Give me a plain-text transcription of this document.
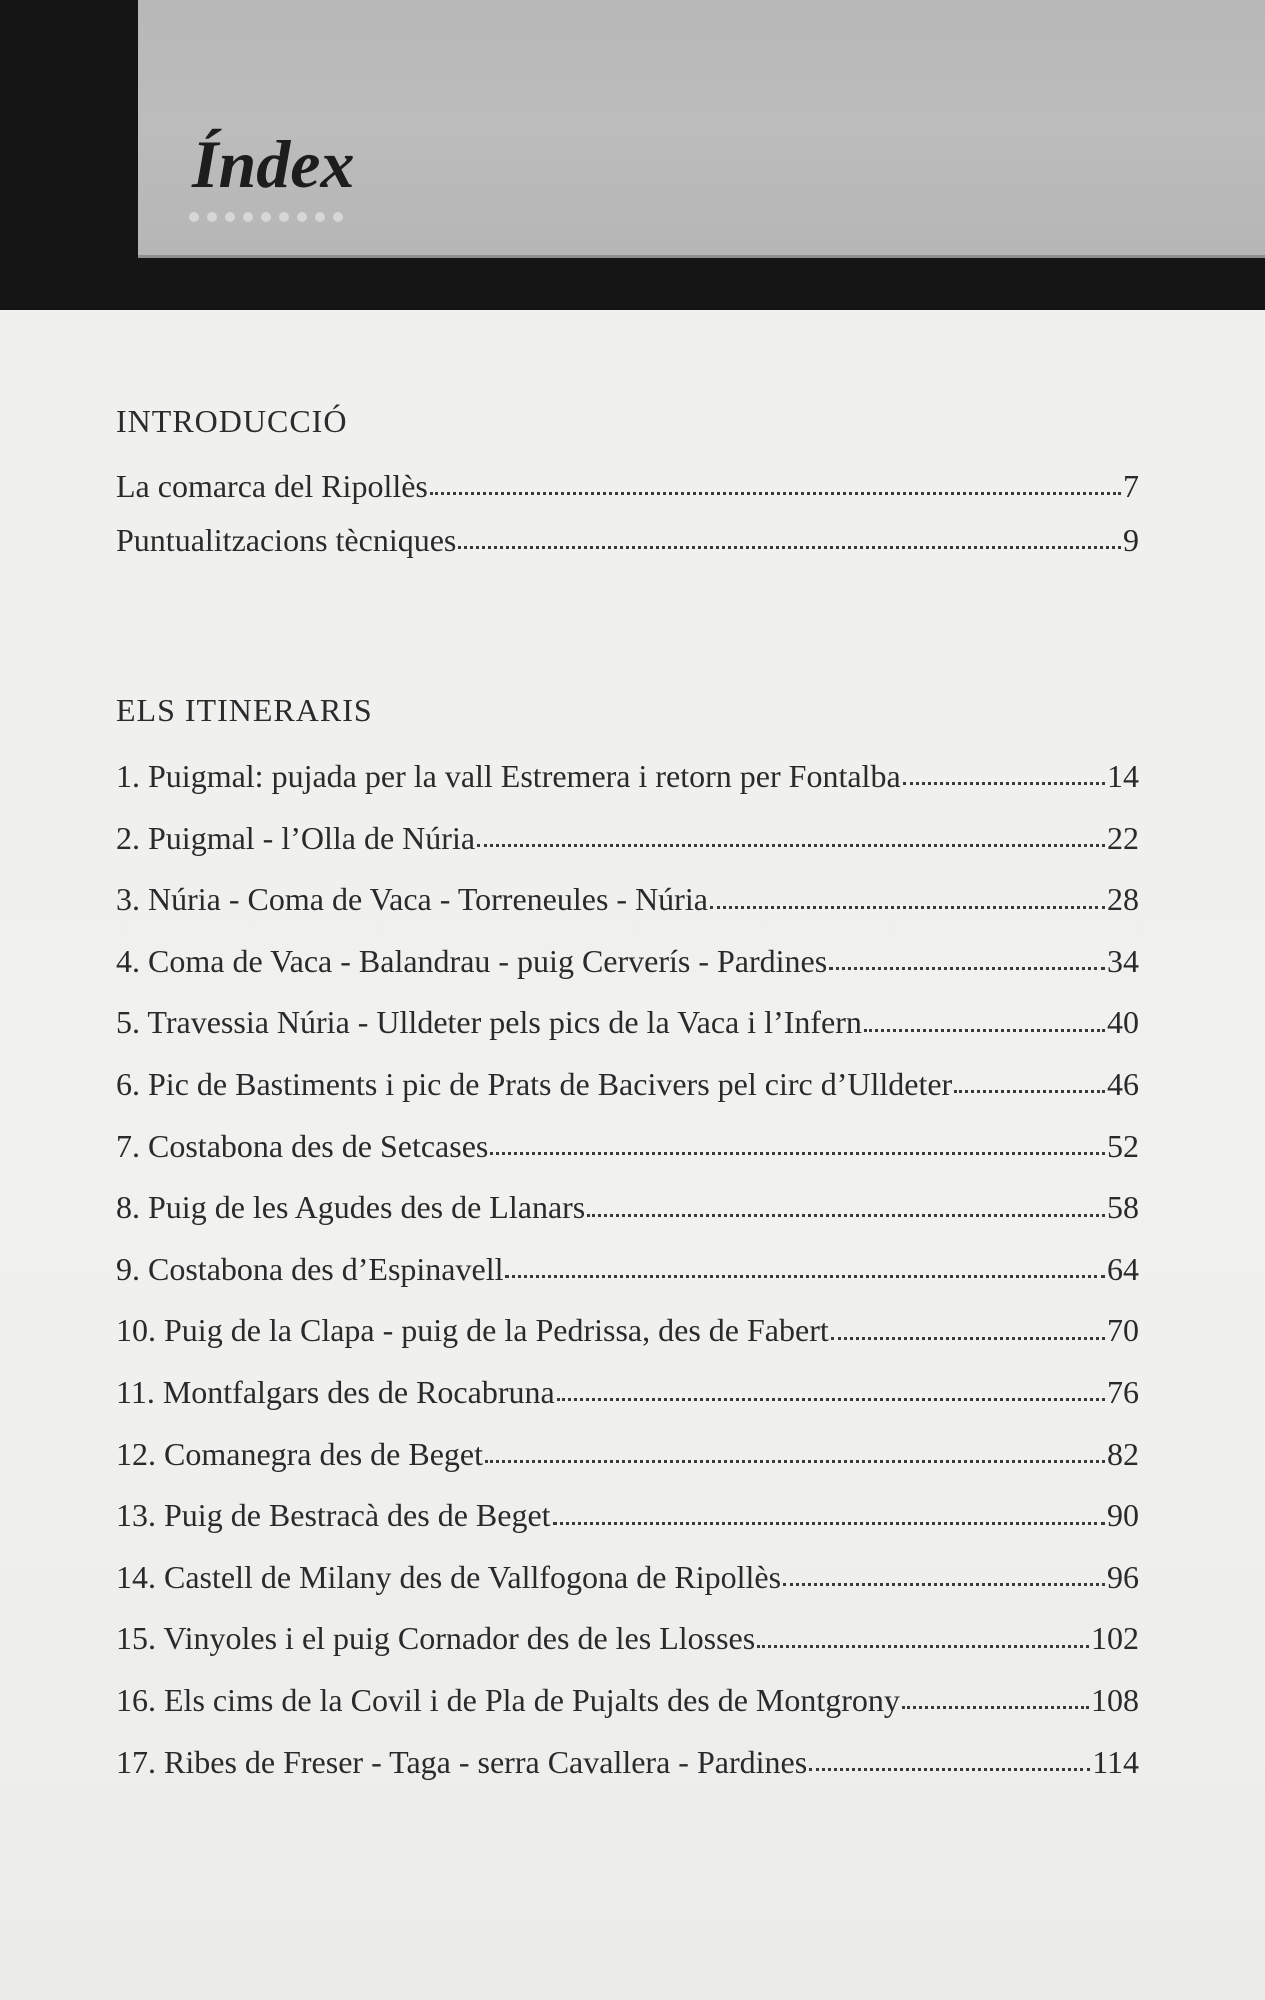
Índex
INTRODUCCIÓ
La comarca del Ripollès	7
Puntualitzacions tècniques	9
ELS ITINERARIS
1. Puigmal: pujada per la vall Estremera i retorn per Fontalba	14
2. Puigmal - l’Olla de Núria	22
3. Núria - Coma de Vaca - Torreneules - Núria	28
4. Coma de Vaca - Balandrau - puig Cerverís - Pardines	34
5. Travessia Núria - Ulldeter pels pics de la Vaca i l’Infern	40
6. Pic de Bastiments i pic de Prats de Bacivers pel circ d’Ulldeter	46
7. Costabona des de Setcases	52
8. Puig de les Agudes des de Llanars	58
9. Costabona des d’Espinavell	64
10. Puig de la Clapa - puig de la Pedrissa, des de Fabert	70
11. Montfalgars des de Rocabruna	76
12. Comanegra des de Beget	82
13. Puig de Bestracà des de Beget	90
14. Castell de Milany des de Vallfogona de Ripollès	96
15. Vinyoles i el puig Cornador des de les Llosses	102
16. Els cims de la Covil i de Pla de Pujalts des de Montgrony	108
17. Ribes de Freser - Taga - serra Cavallera - Pardines	114
